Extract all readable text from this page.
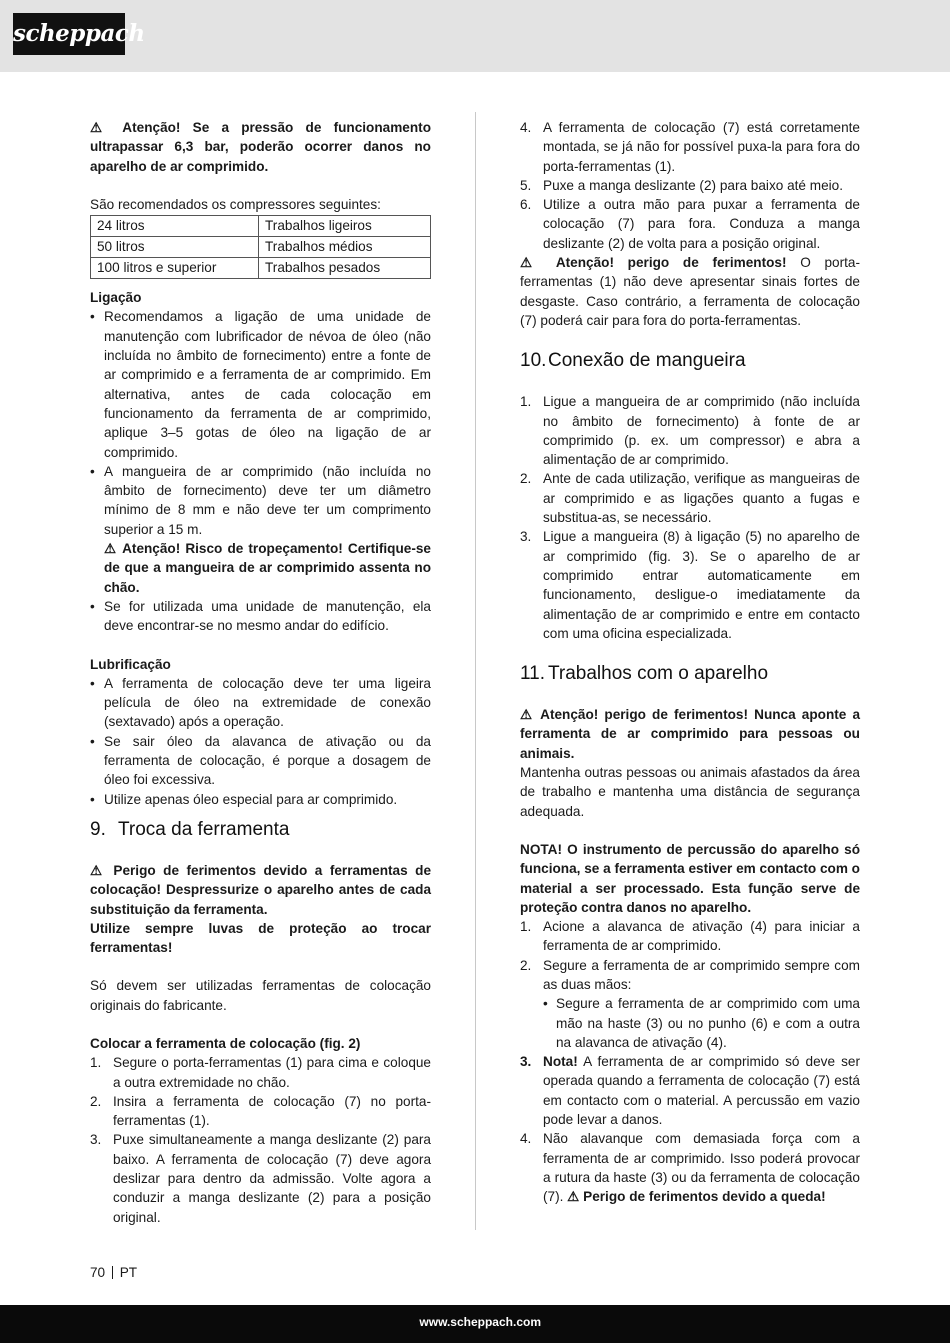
scheppach

⚠ Atenção! Se a pressão de funcionamento ultrapassar 6,3 bar, poderão ocorrer danos no aparelho de ar comprimido.

São recomendados os compressores seguintes:

24 litros	Trabalhos ligeiros
50 litros	Trabalhos médios
100 litros e superior	Trabalhos pesados

Ligação

• Recomendamos a ligação de uma unidade de manutenção com lubrificador de névoa de óleo (não incluída no âmbito de fornecimento) entre a fonte de ar comprimido e a ferramenta de ar comprimido. Em alternativa, antes de cada colocação em funcionamento da ferramenta de ar comprimido, aplique 3–5 gotas de óleo na ligação de ar comprimido.
• A mangueira de ar comprimido (não incluída no âmbito de fornecimento) deve ter um diâmetro mínimo de 8 mm e não deve ter um comprimento superior a 15 m.
⚠ Atenção! Risco de tropeçamento! Certifique-se de que a mangueira de ar comprimido assenta no chão.
• Se for utilizada uma unidade de manutenção, ela deve encontrar-se no mesmo andar do edifício.

Lubrificação

• A ferramenta de colocação deve ter uma ligeira película de óleo na extremidade de conexão (sextavado) após a operação.
• Se sair óleo da alavanca de ativação ou da ferramenta de colocação, é porque a dosagem de óleo foi excessiva.
• Utilize apenas óleo especial para ar comprimido.
9. Troca da ferramenta

⚠ Perigo de ferimentos devido a ferramentas de colocação! Despressurize o aparelho antes de cada substituição da ferramenta.

Utilize sempre luvas de proteção ao trocar ferramentas!

Só devem ser utilizadas ferramentas de colocação originais do fabricante.

Colocar a ferramenta de colocação (fig. 2)

1. Segure o porta-ferramentas (1) para cima e coloque a outra extremidade no chão.
2. Insira a ferramenta de colocação (7) no porta-ferramentas (1).
3. Puxe simultaneamente a manga deslizante (2) para baixo. A ferramenta de colocação (7) deve agora deslizar para dentro da admissão. Volte agora a conduzir a manga deslizante (2) para a posição original.
4. A ferramenta de colocação (7) está corretamente montada, se já não for possível puxa-la para fora do porta-ferramentas (1).
5. Puxe a manga deslizante (2) para baixo até meio.
6. Utilize a outra mão para puxar a ferramenta de colocação (7) para fora. Conduza a manga deslizante (2) de volta para a posição original.

⚠ Atenção! perigo de ferimentos! O porta-ferramentas (1) não deve apresentar sinais fortes de desgaste. Caso contrário, a ferramenta de colocação (7) poderá cair para fora do porta-ferramentas.

10.Conexão de mangueira
1. Ligue a mangueira de ar comprimido (não incluída no âmbito de fornecimento) à fonte de ar comprimido (p. ex. um compressor) e abra a alimentação de ar comprimido.
2. Ante de cada utilização, verifique as mangueiras de ar comprimido e as ligações quanto a fugas e substitua-as, se necessário.
3. Ligue a mangueira (8) à ligação (5) no aparelho de ar comprimido (fig. 3). Se o aparelho de ar comprimido entrar automaticamente em funcionamento, desligue-o imediatamente da alimentação de ar comprimido e entre em contacto com uma oficina especializada.
11. Trabalhos com o aparelho

⚠ Atenção! perigo de ferimentos! Nunca aponte a ferramenta de ar comprimido para pessoas ou animais.

Mantenha outras pessoas ou animais afastados da área de trabalho e mantenha uma distância de segurança adequada.

NOTA! O instrumento de percussão do aparelho só funciona, se a ferramenta estiver em contacto com o material a ser processado. Esta função serve de proteção contra danos no aparelho.

1. Acione a alavanca de ativação (4) para iniciar a ferramenta de ar comprimido.
2. Segure a ferramenta de ar comprimido sempre com as duas mãos:
• Segure a ferramenta de ar comprimido com uma mão na haste (3) ou no punho (6) e com a outra na alavanca de ativação (4).
3. Nota! A ferramenta de ar comprimido só deve ser operada quando a ferramenta de colocação (7) está em contacto com o material. A percussão em vazio pode levar a danos.
4. Não alavanque com demasiada força com a ferramenta de ar comprimido. Isso poderá provocar a rutura da haste (3) ou da ferramenta de colocação (7). ⚠ Perigo de ferimentos devido a queda!
70 PT
www.scheppach.com
